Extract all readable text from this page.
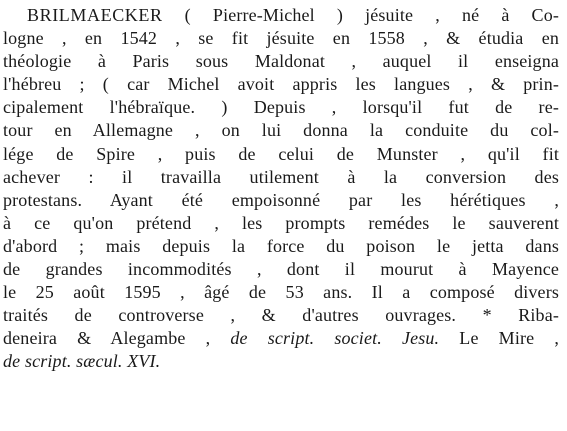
BRILMAECKER ( Pierre-Michel ) jésuite , né à Co-
logne , en 1542 , se fit jésuite en 1558 , & étudia en
théologie à Paris sous Maldonat , auquel il enseigna
l'hébreu ; ( car Michel avoit appris les langues , & prin-
cipalement l'hébraïque. ) Depuis , lorsqu'il fut de re-
tour en Allemagne , on lui donna la conduite du col-
lége de Spire , puis de celui de Munster , qu'il fit
achever : il travailla utilement à la conversion des
protestans. Ayant été empoisonné par les hérétiques ,
à ce qu'on prétend , les prompts remédes le sauverent
d'abord ; mais depuis la force du poison le jetta dans
de grandes incommodités , dont il mourut à Mayence
le 25 août 1595 , âgé de 53 ans. Il a composé divers
traités de controverse , & d'autres ouvrages. * Riba-
deneira & Alegambe , de script. societ. Jesu. Le Mire ,
de script. sæcul. XVI.
